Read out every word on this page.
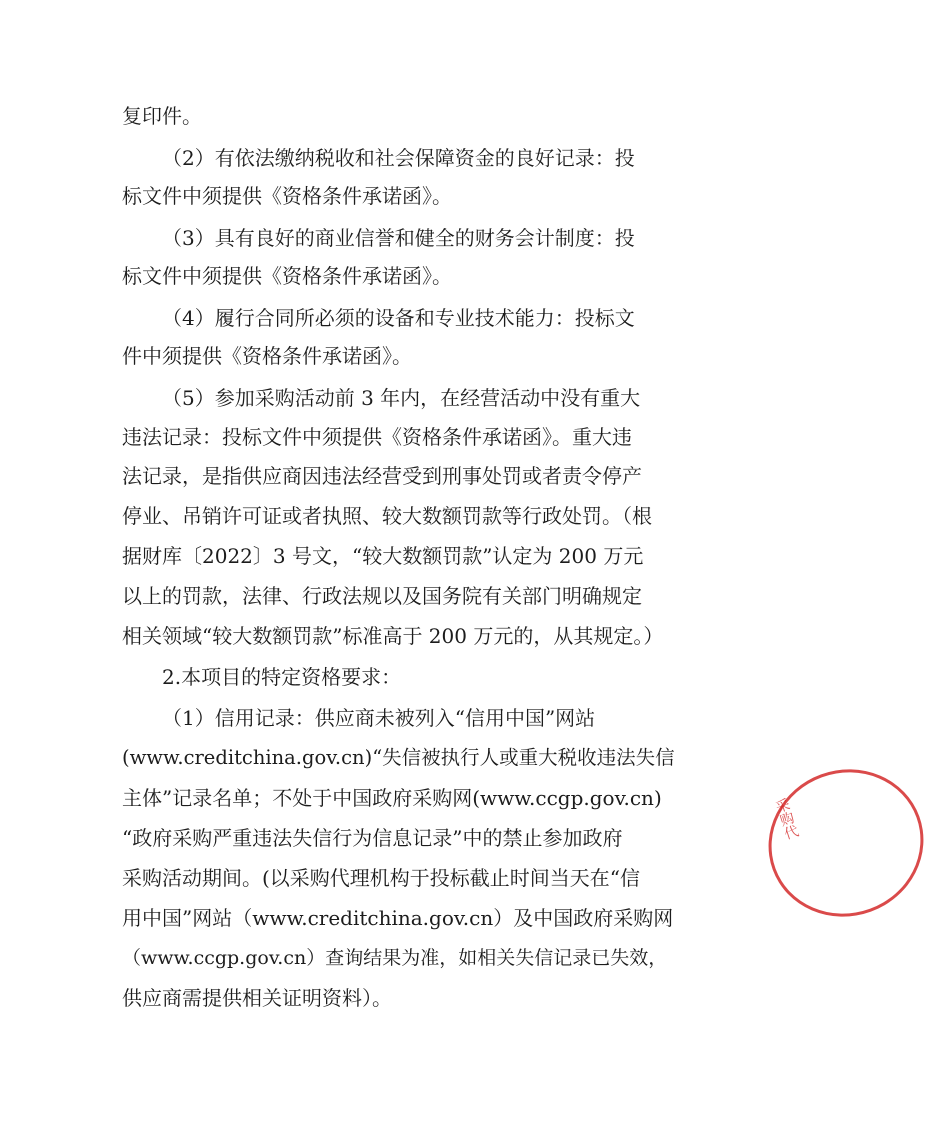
复印件。
（2）有依法缴纳税收和社会保障资金的良好记录：投
标文件中须提供《资格条件承诺函》。
（3）具有良好的商业信誉和健全的财务会计制度：投
标文件中须提供《资格条件承诺函》。
（4）履行合同所必须的设备和专业技术能力：投标文
件中须提供《资格条件承诺函》。
（5）参加采购活动前 3 年内，在经营活动中没有重大
违法记录：投标文件中须提供《资格条件承诺函》。重大违
法记录，是指供应商因违法经营受到刑事处罚或者责令停产
停业、吊销许可证或者执照、较大数额罚款等行政处罚。（根
据财库〔2022〕3 号文，“较大数额罚款”认定为 200 万元
以上的罚款，法律、行政法规以及国务院有关部门明确规定
相关领域“较大数额罚款”标准高于 200 万元的，从其规定。）
2.本项目的特定资格要求：
（1）信用记录：供应商未被列入“信用中国”网站
(www.creditchina.gov.cn)“失信被执行人或重大税收违法失信
主体”记录名单；不处于中国政府采购网(www.ccgp.gov.cn)
“政府采购严重违法失信行为信息记录”中的禁止参加政府
采购活动期间。(以采购代理机构于投标截止时间当天在“信
用中国”网站（www.creditchina.gov.cn）及中国政府采购网
（www.ccgp.gov.cn）查询结果为准，如相关失信记录已失效，
供应商需提供相关证明资料）。
采购代
